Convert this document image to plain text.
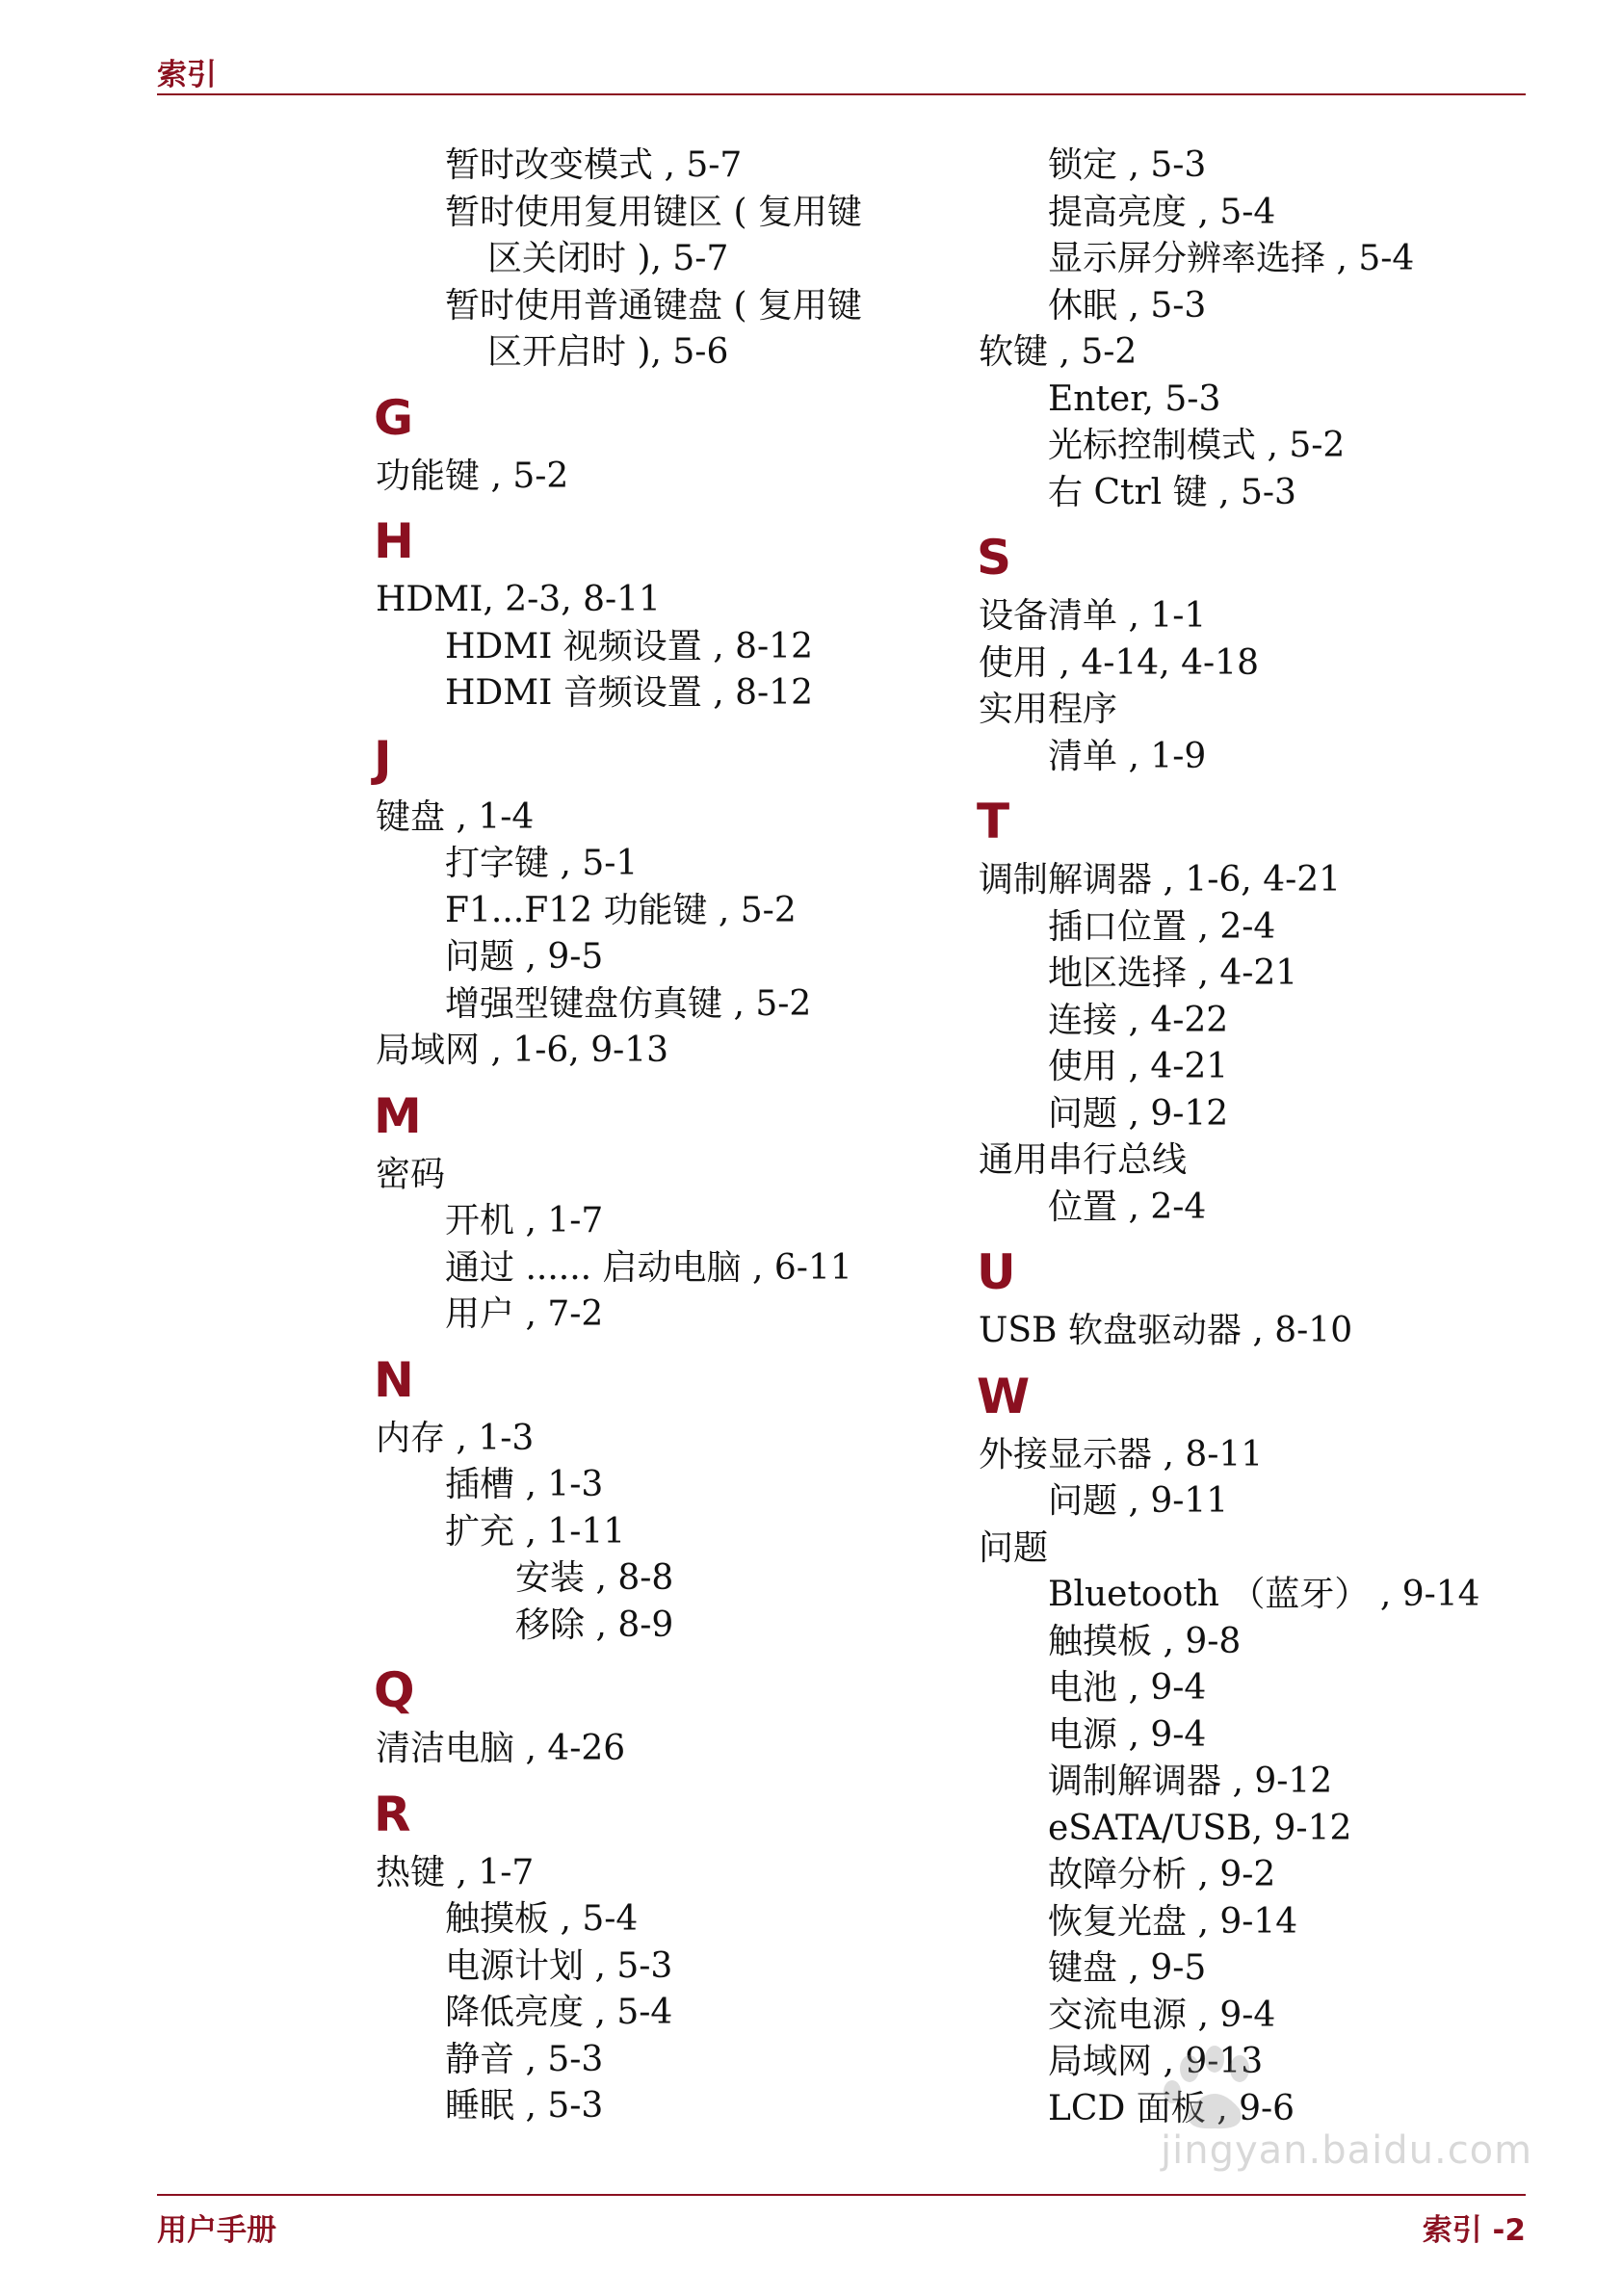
索引
暂时改变模式 , 5-7
暂时使用复用键区 ( 复用键
区关闭时 ), 5-7
暂时使用普通键盘 ( 复用键
区开启时 ), 5-6
G
功能键 , 5-2
H
HDMI, 2-3, 8-11
HDMI 视频设置 , 8-12
HDMI 音频设置 , 8-12
J
键盘 , 1-4
打字键 , 5-1
F1...F12 功能键 , 5-2
问题 , 9-5
增强型键盘仿真键 , 5-2
局域网 , 1-6, 9-13
M
密码
开机 , 1-7
通过 ...... 启动电脑 , 6-11
用户 , 7-2
N
内存 , 1-3
插槽 , 1-3
扩充 , 1-11
安装 , 8-8
移除 , 8-9
Q
清洁电脑 , 4-26
R
热键 , 1-7
触摸板 , 5-4
电源计划 , 5-3
降低亮度 , 5-4
静音 , 5-3
睡眠 , 5-3
锁定 , 5-3
提高亮度 , 5-4
显示屏分辨率选择 , 5-4
休眠 , 5-3
软键 , 5-2
Enter, 5-3
光标控制模式 , 5-2
右 Ctrl 键 , 5-3
S
设备清单 , 1-1
使用 , 4-14, 4-18
实用程序
清单 , 1-9
T
调制解调器 , 1-6, 4-21
插口位置 , 2-4
地区选择 , 4-21
连接 , 4-22
使用 , 4-21
问题 , 9-12
通用串行总线
位置 , 2-4
U
USB 软盘驱动器 , 8-10
W
外接显示器 , 8-11
问题 , 9-11
问题
Bluetooth （蓝牙） , 9-14
触摸板 , 9-8
电池 , 9-4
电源 , 9-4
调制解调器 , 9-12
eSATA/USB, 9-12
故障分析 , 9-2
恢复光盘 , 9-14
键盘 , 9-5
交流电源 , 9-4
局域网 , 9-13
LCD 面板 , 9-6
用户手册	索引 -2
jingyan.baidu.com
